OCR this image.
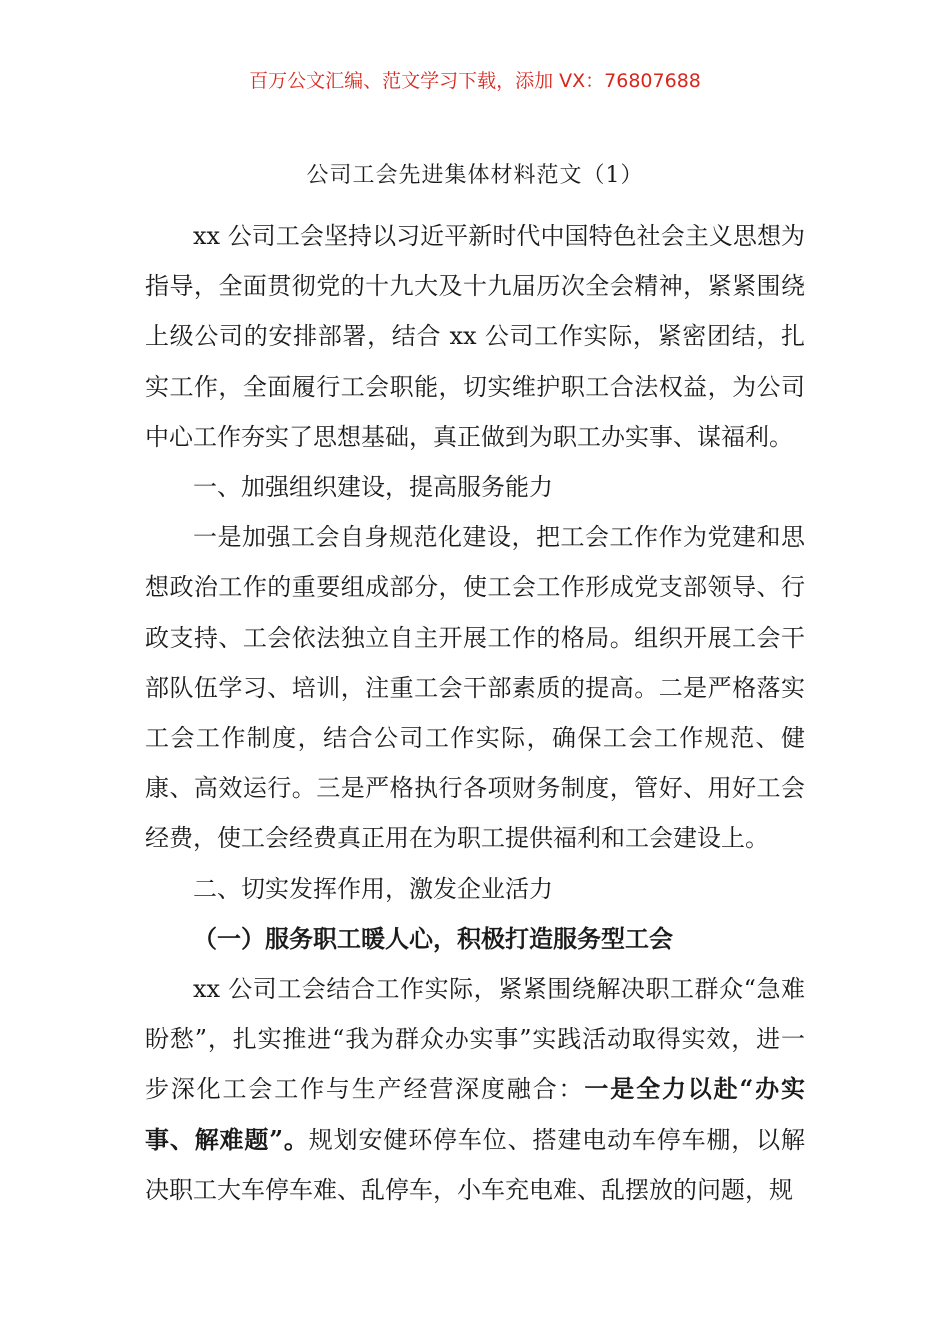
百万公文汇编、范文学习下载，添加 VX：76807688
公司工会先进集体材料范文（1）

xx 公司工会坚持以习近平新时代中国特色社会主义思想为指导，全面贯彻党的十九大及十九届历次全会精神，紧紧围绕上级公司的安排部署，结合 xx 公司工作实际，紧密团结，扎实工作，全面履行工会职能，切实维护职工合法权益，为公司中心工作夯实了思想基础，真正做到为职工办实事、谋福利。

一、加强组织建设，提高服务能力

一是加强工会自身规范化建设，把工会工作作为党建和思想政治工作的重要组成部分，使工会工作形成党支部领导、行政支持、工会依法独立自主开展工作的格局。组织开展工会干部队伍学习、培训，注重工会干部素质的提高。二是严格落实工会工作制度，结合公司工作实际，确保工会工作规范、健康、高效运行。三是严格执行各项财务制度，管好、用好工会经费，使工会经费真正用在为职工提供福利和工会建设上。

二、切实发挥作用，激发企业活力

（一）服务职工暖人心，积极打造服务型工会

xx 公司工会结合工作实际，紧紧围绕解决职工群众“急难盼愁”，扎实推进“我为群众办实事”实践活动取得实效，进一步深化工会工作与生产经营深度融合：一是全力以赴“办实事、解难题”。规划安健环停车位、搭建电动车停车棚，以解决职工大车停车难、乱停车，小车充电难、乱摆放的问题，规
